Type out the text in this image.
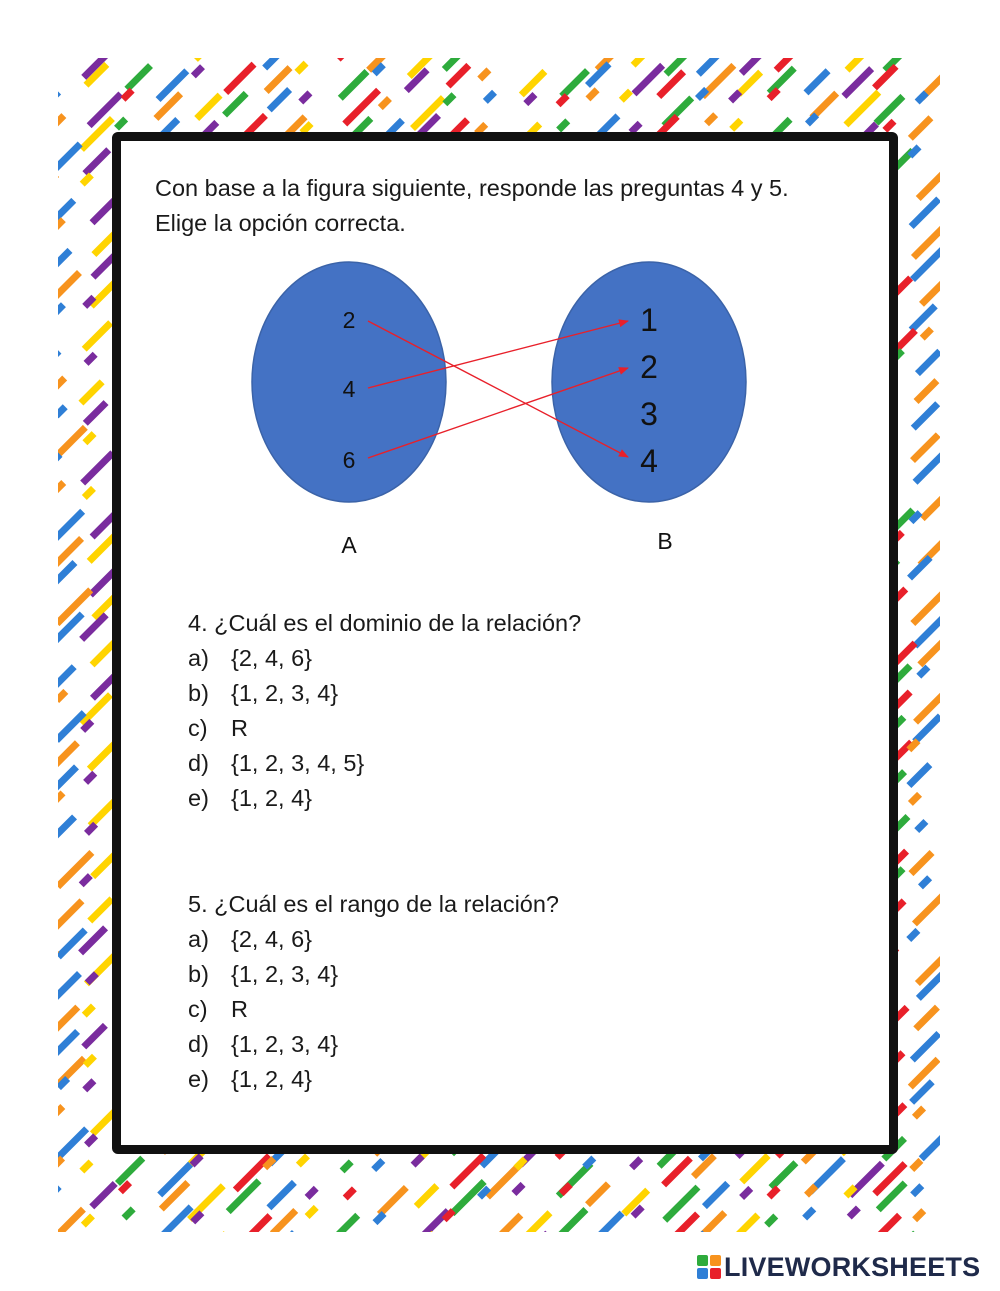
Con base a la figura siguiente, responde las preguntas 4 y 5.
Elige la opción correcta.
2
4
6
1
2
3
4
A	B
4. ¿Cuál es el dominio de la relación?
a) {2, 4, 6}
b) {1, 2, 3, 4}
c) R
d) {1, 2, 3, 4, 5}
e) {1, 2, 4}
5. ¿Cuál es el rango de la relación?
a) {2, 4, 6}
b) {1, 2, 3, 4}
c) R
d) {1, 2, 3, 4}
e) {1, 2, 4}
LIVEWORKSHEETS
